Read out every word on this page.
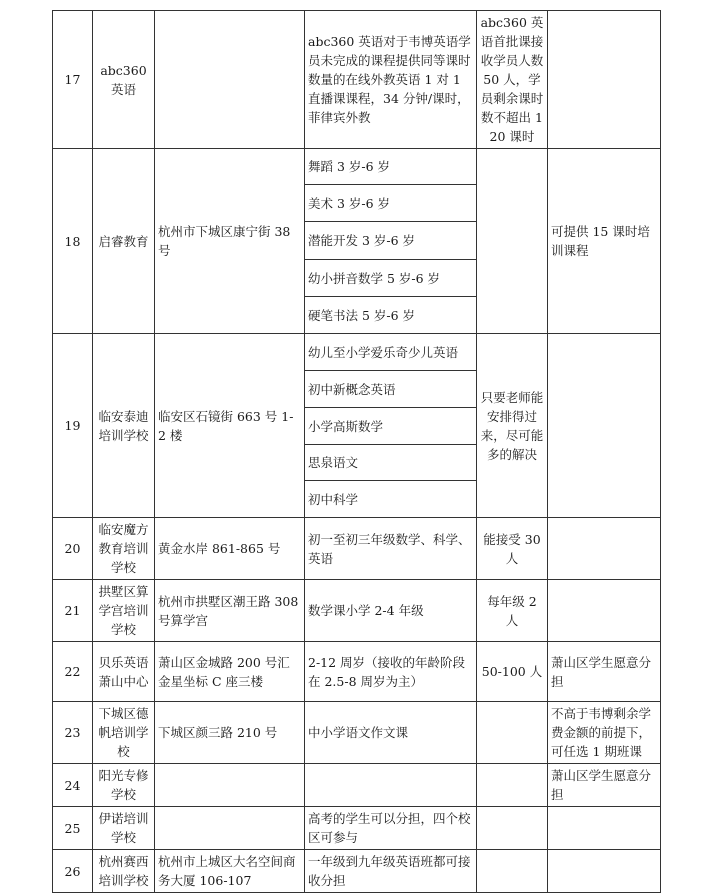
17	abc360 英语		abc360 英语对于韦博英语学员未完成的课程提供同等课时数量的在线外教英语 1 对 1 直播课课程，34 分钟/课时，菲律宾外教	abc360 英语首批课接收学员人数 50 人，学员剩余课时数不超出 120 课时	
18	启睿教育	杭州市下城区康宁街 38 号	舞蹈 3 岁-6 岁		可提供 15 课时培训课程
			美术 3 岁-6 岁		
			潜能开发 3 岁-6 岁		
			幼小拼音数学 5 岁-6 岁		
			硬笔书法 5 岁-6 岁		
19	临安泰迪培训学校	临安区石镜街 663 号 1-2 楼	幼儿至小学爱乐奇少儿英语	只要老师能安排得过来，尽可能多的解决	
			初中新概念英语		
			小学高斯数学		
			思泉语文		
			初中科学		
20	临安魔方教育培训学校	黄金水岸 861-865 号	初一至初三年级数学、科学、英语	能接受 30 人	
21	拱墅区算学宫培训学校	杭州市拱墅区潮王路 308 号算学宫	数学课小学 2-4 年级	每年级 2 人	
22	贝乐英语萧山中心	萧山区金城路 200 号汇金星坐标 C 座三楼	2-12 周岁（接收的年龄阶段在 2.5-8 周岁为主）	50-100 人	萧山区学生愿意分担
23	下城区德帆培训学校	下城区颜三路 210 号	中小学语文作文课		不高于韦博剩余学费金额的前提下，可任选 1 期班课
24	阳光专修学校				萧山区学生愿意分担
25	伊诺培训学校		高考的学生可以分担，四个校区可参与		
26	杭州赛西培训学校	杭州市上城区大名空间商务大厦 106-107	一年级到九年级英语班都可接收分担		
